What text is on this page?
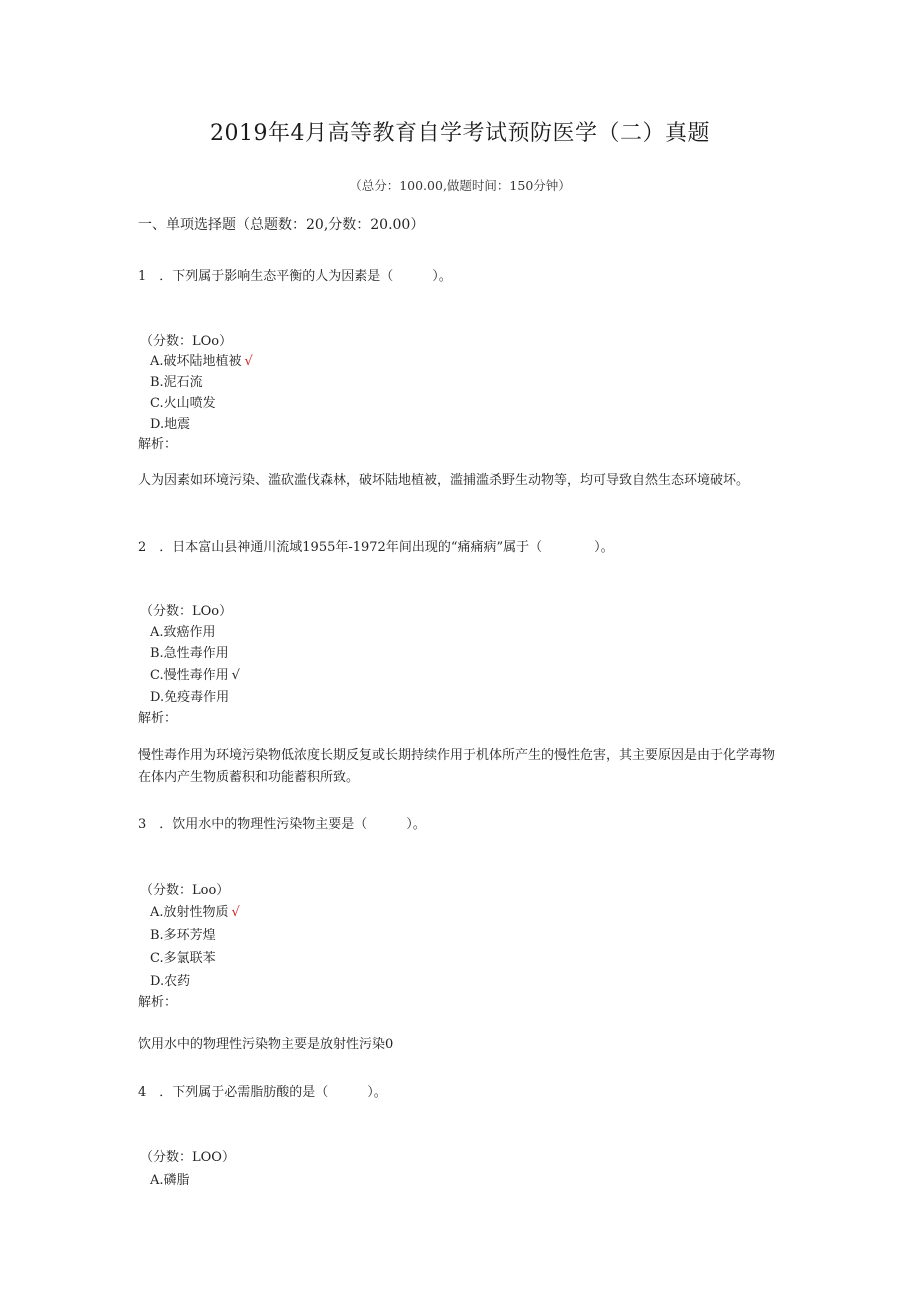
2019年4月高等教育自学考试预防医学（二）真题
（总分：100.00,做题时间：150分钟）
一、单项选择题（总题数：20,分数：20.00）
1　．下列属于影响生态平衡的人为因素是（　　　）。
（分数：LOo）
A.破坏陆地植被 √
B.泥石流
C.火山喷发
D.地震
解析：
人为因素如环境污染、滥砍滥伐森林，破坏陆地植被，滥捕滥杀野生动物等，均可导致自然生态环境破坏。
2　．日本富山县神通川流域1955年-1972年间出现的“痛痛病”属于（　　　　）。
（分数：LOo）
A.致癌作用
B.急性毒作用
C.慢性毒作用 √
D.免疫毒作用
解析：
慢性毒作用为环境污染物低浓度长期反复或长期持续作用于机体所产生的慢性危害，其主要原因是由于化学毒物在体内产生物质蓄积和功能蓄积所致。
3　．饮用水中的物理性污染物主要是（　　　）。
（分数：Loo）
A.放射性物质 √
B.多环芳煌
C.多氯联苯
D.农药
解析：
饮用水中的物理性污染物主要是放射性污染0
4　．下列属于必需脂肪酸的是（　　　）。
（分数：LOO）
A.磷脂
